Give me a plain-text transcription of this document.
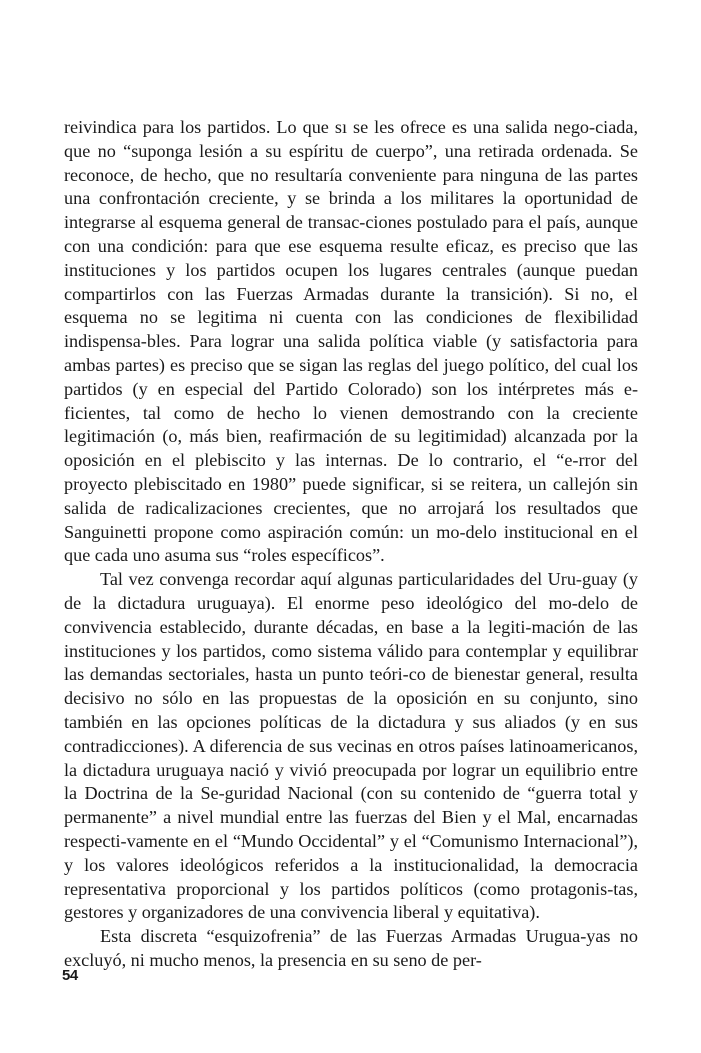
reivindica para los partidos. Lo que sı se les ofrece es una salida nego-ciada, que no “suponga lesión a su espíritu de cuerpo”, una retirada ordenada. Se reconoce, de hecho, que no resultaría conveniente para ninguna de las partes una confrontación creciente, y se brinda a los militares la oportunidad de integrarse al esquema general de transac-ciones postulado para el país, aunque con una condición: para que ese esquema resulte eficaz, es preciso que las instituciones y los partidos ocupen los lugares centrales (aunque puedan compartirlos con las Fuerzas Armadas durante la transición). Si no, el esquema no se legitima ni cuenta con las condiciones de flexibilidad indispensa-bles. Para lograr una salida política viable (y satisfactoria para ambas partes) es preciso que se sigan las reglas del juego político, del cual los partidos (y en especial del Partido Colorado) son los intérpretes más e-ficientes, tal como de hecho lo vienen demostrando con la creciente legitimación (o, más bien, reafirmación de su legitimidad) alcanzada por la oposición en el plebiscito y las internas. De lo contrario, el “e-rror del proyecto plebiscitado en 1980” puede significar, si se reitera, un callejón sin salida de radicalizaciones crecientes, que no arrojará los resultados que Sanguinetti propone como aspiración común: un mo-delo institucional en el que cada uno asuma sus “roles específicos”.

Tal vez convenga recordar aquí algunas particularidades del Uru-guay (y de la dictadura uruguaya). El enorme peso ideológico del mo-delo de convivencia establecido, durante décadas, en base a la legiti-mación de las instituciones y los partidos, como sistema válido para contemplar y equilibrar las demandas sectoriales, hasta un punto teóri-co de bienestar general, resulta decisivo no sólo en las propuestas de la oposición en su conjunto, sino también en las opciones políticas de la dictadura y sus aliados (y en sus contradicciones). A diferencia de sus vecinas en otros países latinoamericanos, la dictadura uruguaya nació y vivió preocupada por lograr un equilibrio entre la Doctrina de la Se-guridad Nacional (con su contenido de “guerra total y permanente” a nivel mundial entre las fuerzas del Bien y el Mal, encarnadas respecti-vamente en el “Mundo Occidental” y el “Comunismo Internacional”), y los valores ideológicos referidos a la institucionalidad, la democracia representativa proporcional y los partidos políticos (como protagonis-tas, gestores y organizadores de una convivencia liberal y equitativa).

Esta discreta “esquizofrenia” de las Fuerzas Armadas Urugua-yas no excluyó, ni mucho menos, la presencia en su seno de per-

54
